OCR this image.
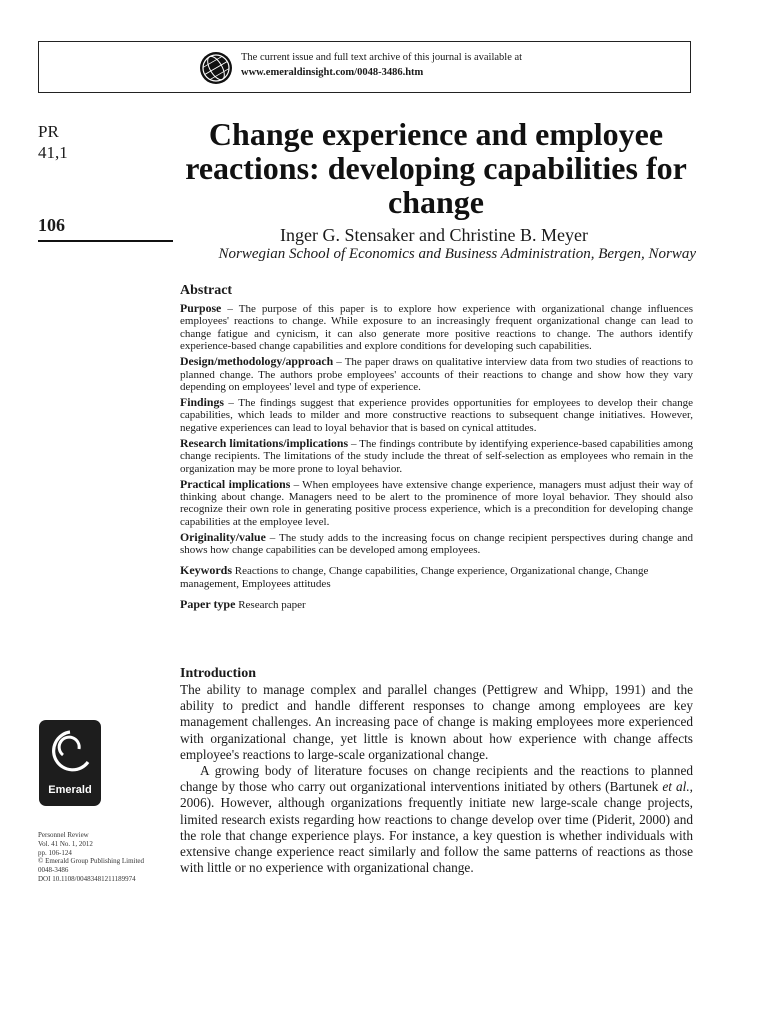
The current issue and full text archive of this journal is available at
www.emeraldinsight.com/0048-3486.htm
PR
41,1
106
Emerald
Personnel Review
Vol. 41 No. 1, 2012
pp. 106-124
© Emerald Group Publishing Limited
0048-3486
DOI 10.1108/00483481211189974
Change experience and employee reactions: developing capabilities for change
Inger G. Stensaker and Christine B. Meyer
Norwegian School of Economics and Business Administration, Bergen, Norway
Abstract
Purpose – The purpose of this paper is to explore how experience with organizational change influences employees' reactions to change. While exposure to an increasingly frequent organizational change can lead to change fatigue and cynicism, it can also generate more positive reactions to change. The authors identify experience-based change capabilities and explore conditions for developing such capabilities.
Design/methodology/approach – The paper draws on qualitative interview data from two studies of reactions to planned change. The authors probe employees' accounts of their reactions to change and show how they vary depending on employees' level and type of experience.
Findings – The findings suggest that experience provides opportunities for employees to develop their change capabilities, which leads to milder and more constructive reactions to subsequent change initiatives. However, negative experiences can lead to loyal behavior that is based on cynical attitudes.
Research limitations/implications – The findings contribute by identifying experience-based capabilities among change recipients. The limitations of the study include the threat of self-selection as employees who remain in the organization may be more prone to loyal behavior.
Practical implications – When employees have extensive change experience, managers must adjust their way of thinking about change. Managers need to be alert to the prominence of more loyal behavior. They should also recognize their own role in generating positive process experience, which is a precondition for developing change capabilities at the employee level.
Originality/value – The study adds to the increasing focus on change recipient perspectives during change and shows how change capabilities can be developed among employees.
Keywords Reactions to change, Change capabilities, Change experience, Organizational change, Change management, Employees attitudes
Paper type Research paper
Introduction

The ability to manage complex and parallel changes (Pettigrew and Whipp, 1991) and the ability to predict and handle different responses to change among employees are key management challenges. An increasing pace of change is making employees more experienced with organizational change, yet little is known about how experience with change affects employee's reactions to large-scale organizational change.

A growing body of literature focuses on change recipients and the reactions to planned change by those who carry out organizational interventions initiated by others (Bartunek et al., 2006). However, although organizations frequently initiate new large-scale change projects, limited research exists regarding how reactions to change develop over time (Piderit, 2000) and the role that change experience plays. For instance, a key question is whether individuals with extensive change experience react similarly and follow the same patterns of reactions as those with little or no experience with organizational change.
